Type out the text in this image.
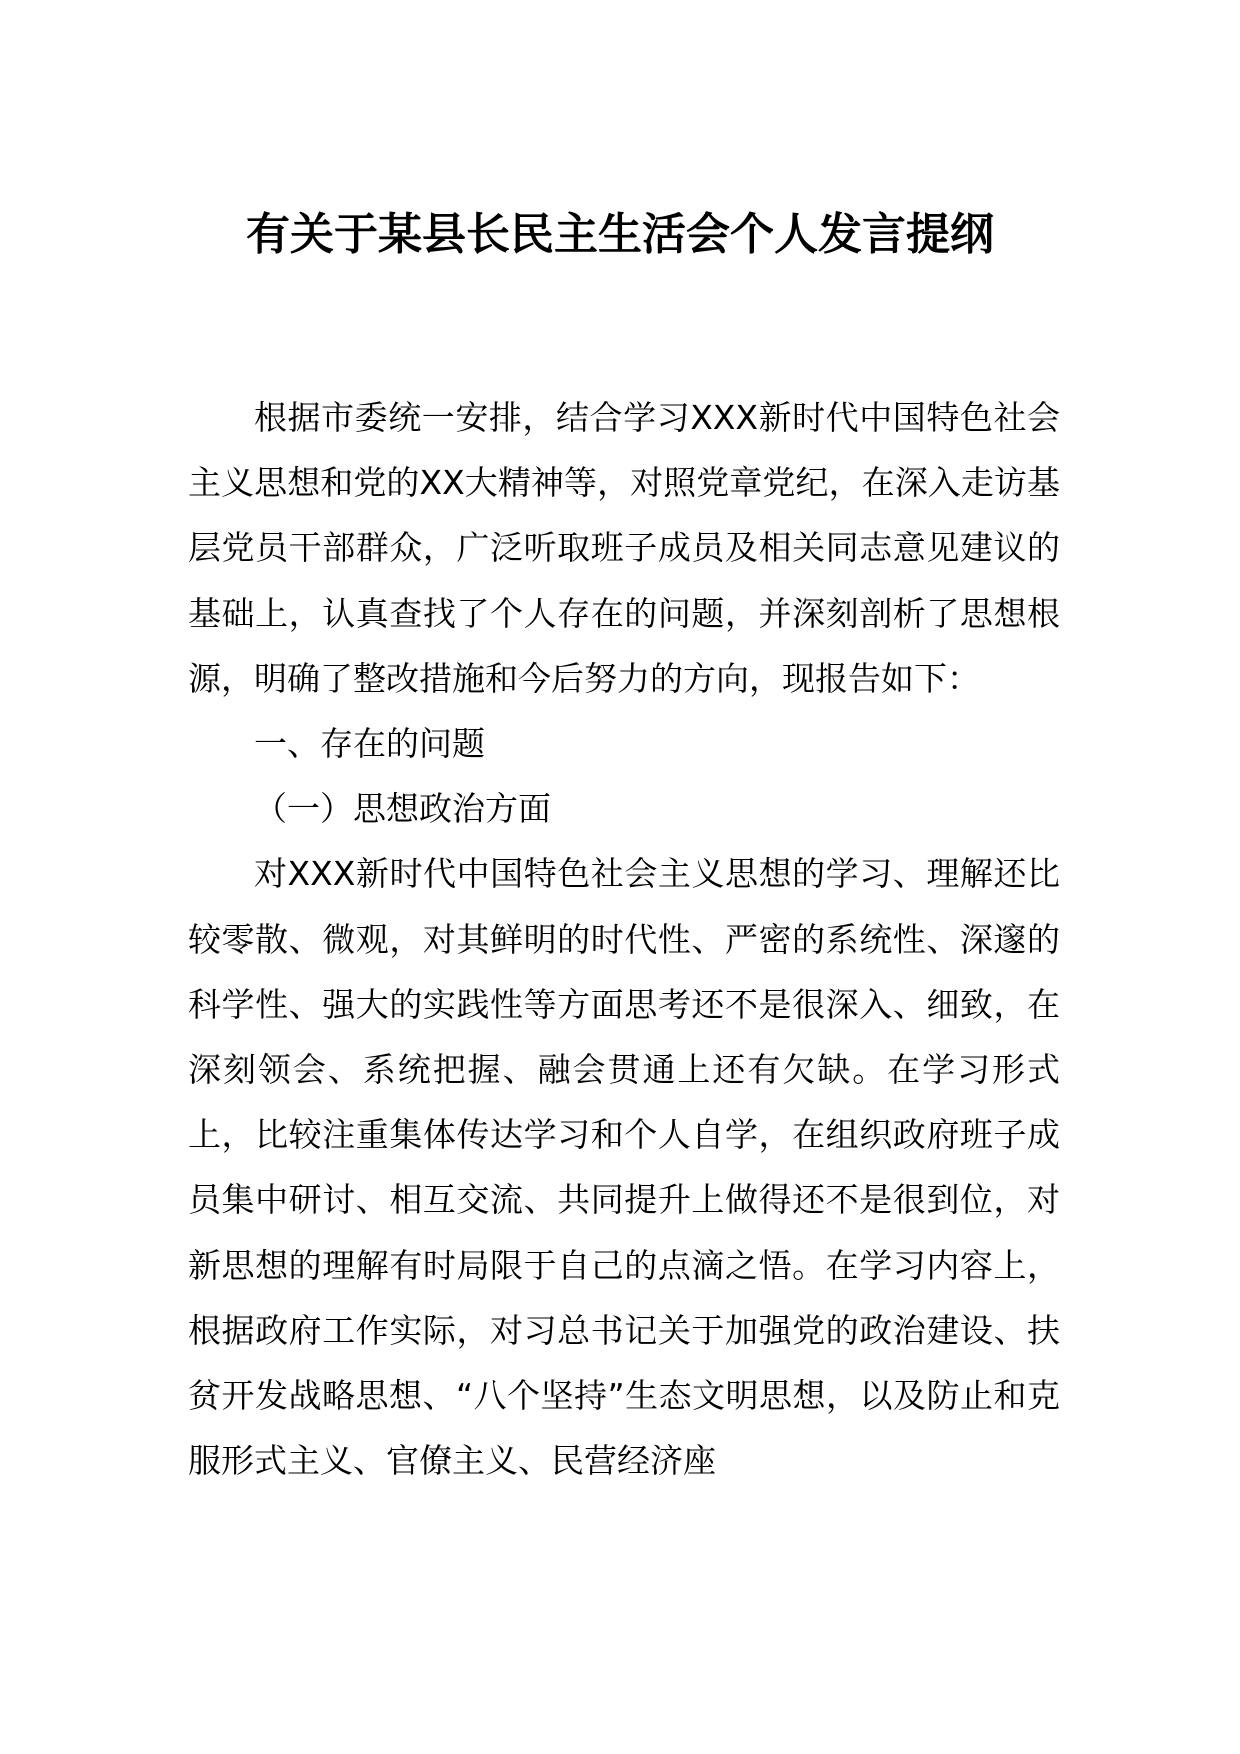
有关于某县长民主生活会个人发言提纲

根据市委统一安排，结合学习XXX新时代中国特色社会主义思想和党的XX大精神等，对照党章党纪，在深入走访基层党员干部群众，广泛听取班子成员及相关同志意见建议的基础上，认真查找了个人存在的问题，并深刻剖析了思想根源，明确了整改措施和今后努力的方向，现报告如下：

一、存在的问题

（一）思想政治方面

对XXX新时代中国特色社会主义思想的学习、理解还比较零散、微观，对其鲜明的时代性、严密的系统性、深邃的科学性、强大的实践性等方面思考还不是很深入、细致，在深刻领会、系统把握、融会贯通上还有欠缺。在学习形式上，比较注重集体传达学习和个人自学，在组织政府班子成员集中研讨、相互交流、共同提升上做得还不是很到位，对新思想的理解有时局限于自己的点滴之悟。在学习内容上，根据政府工作实际，对习总书记关于加强党的政治建设、扶贫开发战略思想、“八个坚持”生态文明思想，以及防止和克服形式主义、官僚主义、民营经济座
